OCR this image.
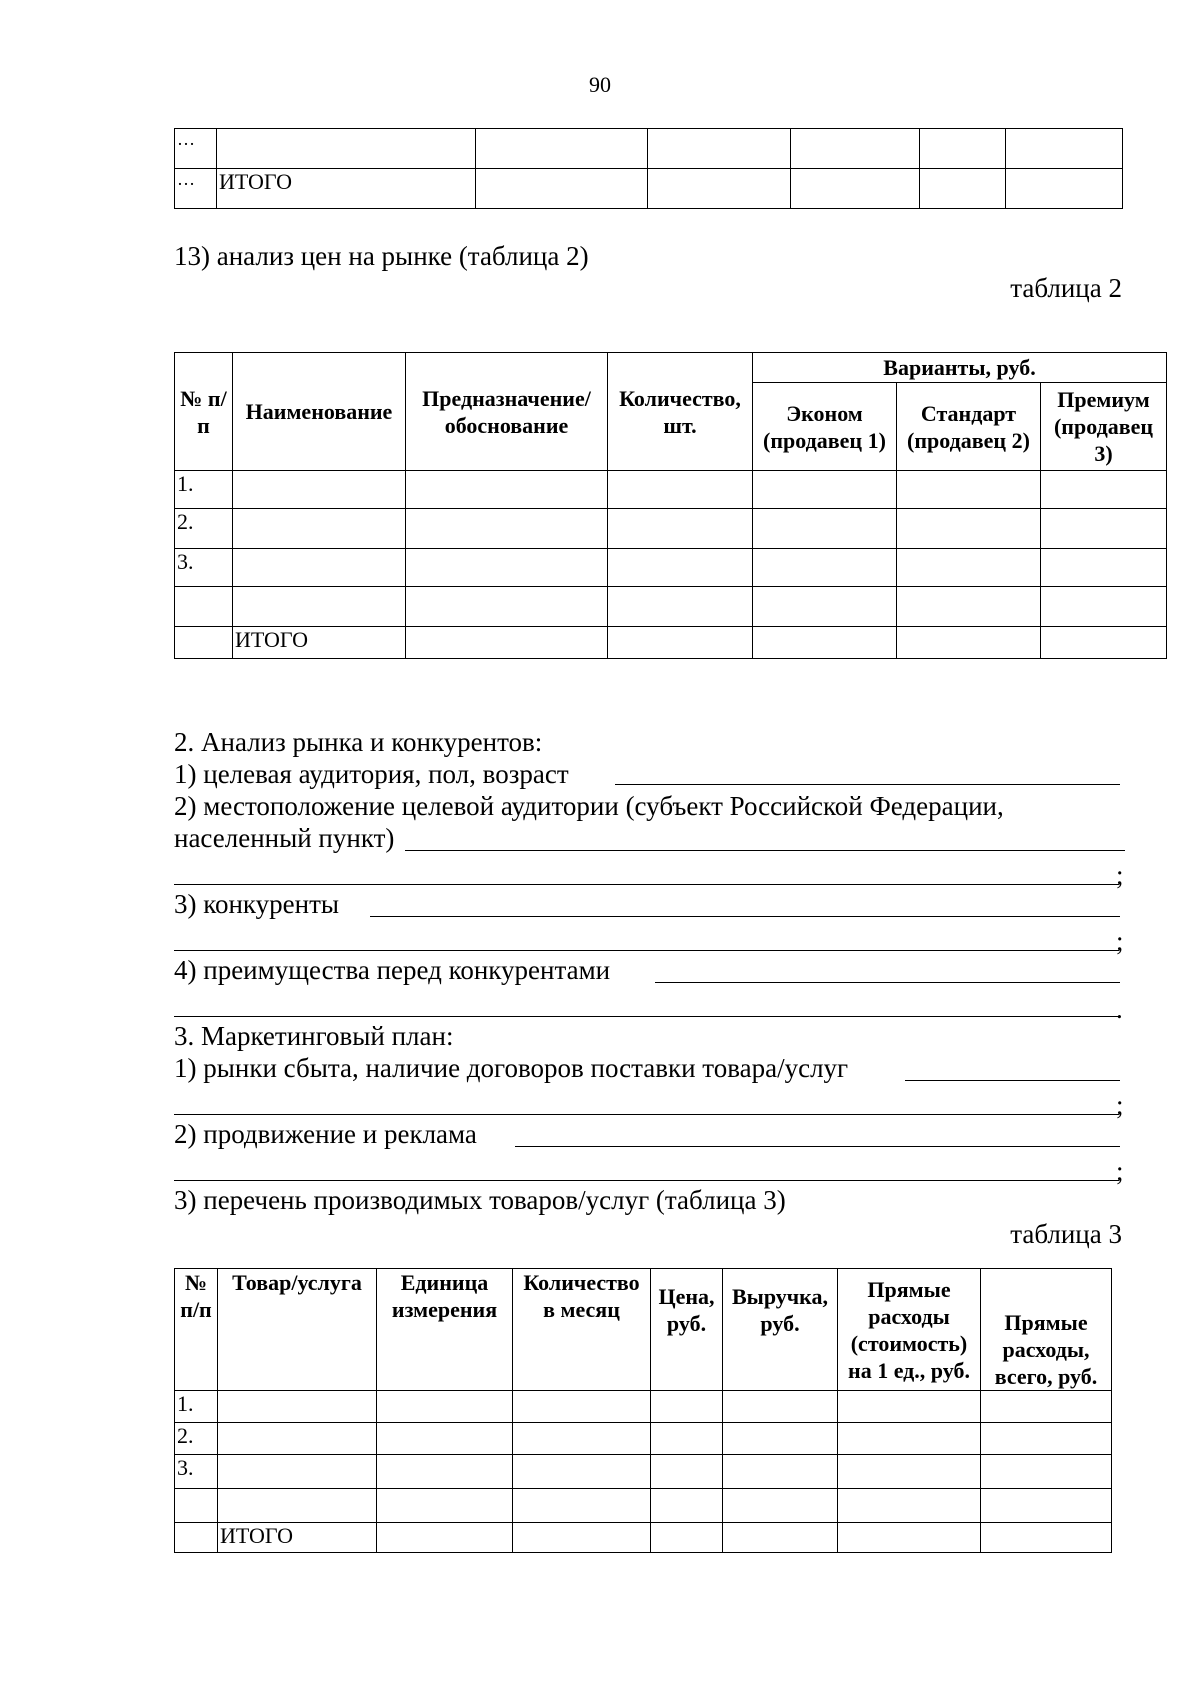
90
…						
…	ИТОГО					
13) анализ цен на рынке (таблица 2)
таблица 2
№ п/п	Наименование	Предназначение/ обоснование	Количество, шт.	Варианты, руб.		
				Эконом (продавец 1)	Стандарт (продавец 2)	Премиум (продавец 3)
1.						
2.						
3.						

	ИТОГО					
2. Анализ рынка и конкурентов:
1) целевая аудитория, пол, возраст
2) местоположение целевой аудитории (субъект Российской Федерации,
населенный пункт)
;
3) конкуренты
;
4) преимущества перед конкурентами
.
3. Маркетинговый план:
1) рынки сбыта, наличие договоров поставки товара/услуг
;
2) продвижение и реклама
;
3) перечень производимых товаров/услуг (таблица 3)
таблица 3
№ п/п	Товар/услуга	Единица измерения	Количество в месяц	Цена, руб.	Выручка, руб.	Прямые расходы (стоимость) на 1 ед., руб.	Прямые расходы, всего, руб.
1.							
2.							
3.							

	ИТОГО						
